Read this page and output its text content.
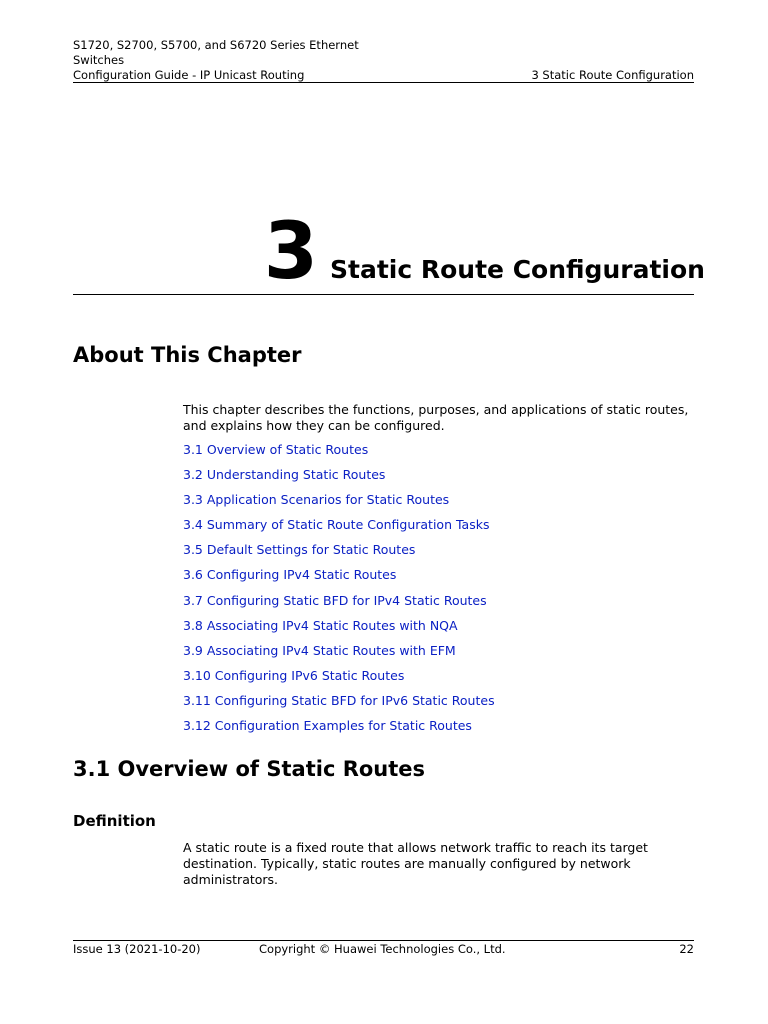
S1720, S2700, S5700, and S6720 Series Ethernet
Switches
Configuration Guide - IP Unicast Routing	3 Static Route Configuration
3 Static Route Configuration
About This Chapter
This chapter describes the functions, purposes, and applications of static routes, and explains how they can be configured.
3.1 Overview of Static Routes
3.2 Understanding Static Routes
3.3 Application Scenarios for Static Routes
3.4 Summary of Static Route Configuration Tasks
3.5 Default Settings for Static Routes
3.6 Configuring IPv4 Static Routes
3.7 Configuring Static BFD for IPv4 Static Routes
3.8 Associating IPv4 Static Routes with NQA
3.9 Associating IPv4 Static Routes with EFM
3.10 Configuring IPv6 Static Routes
3.11 Configuring Static BFD for IPv6 Static Routes
3.12 Configuration Examples for Static Routes
3.1 Overview of Static Routes
Definition
A static route is a fixed route that allows network traffic to reach its target destination. Typically, static routes are manually configured by network administrators.
Issue 13 (2021-10-20)	Copyright © Huawei Technologies Co., Ltd.	22
